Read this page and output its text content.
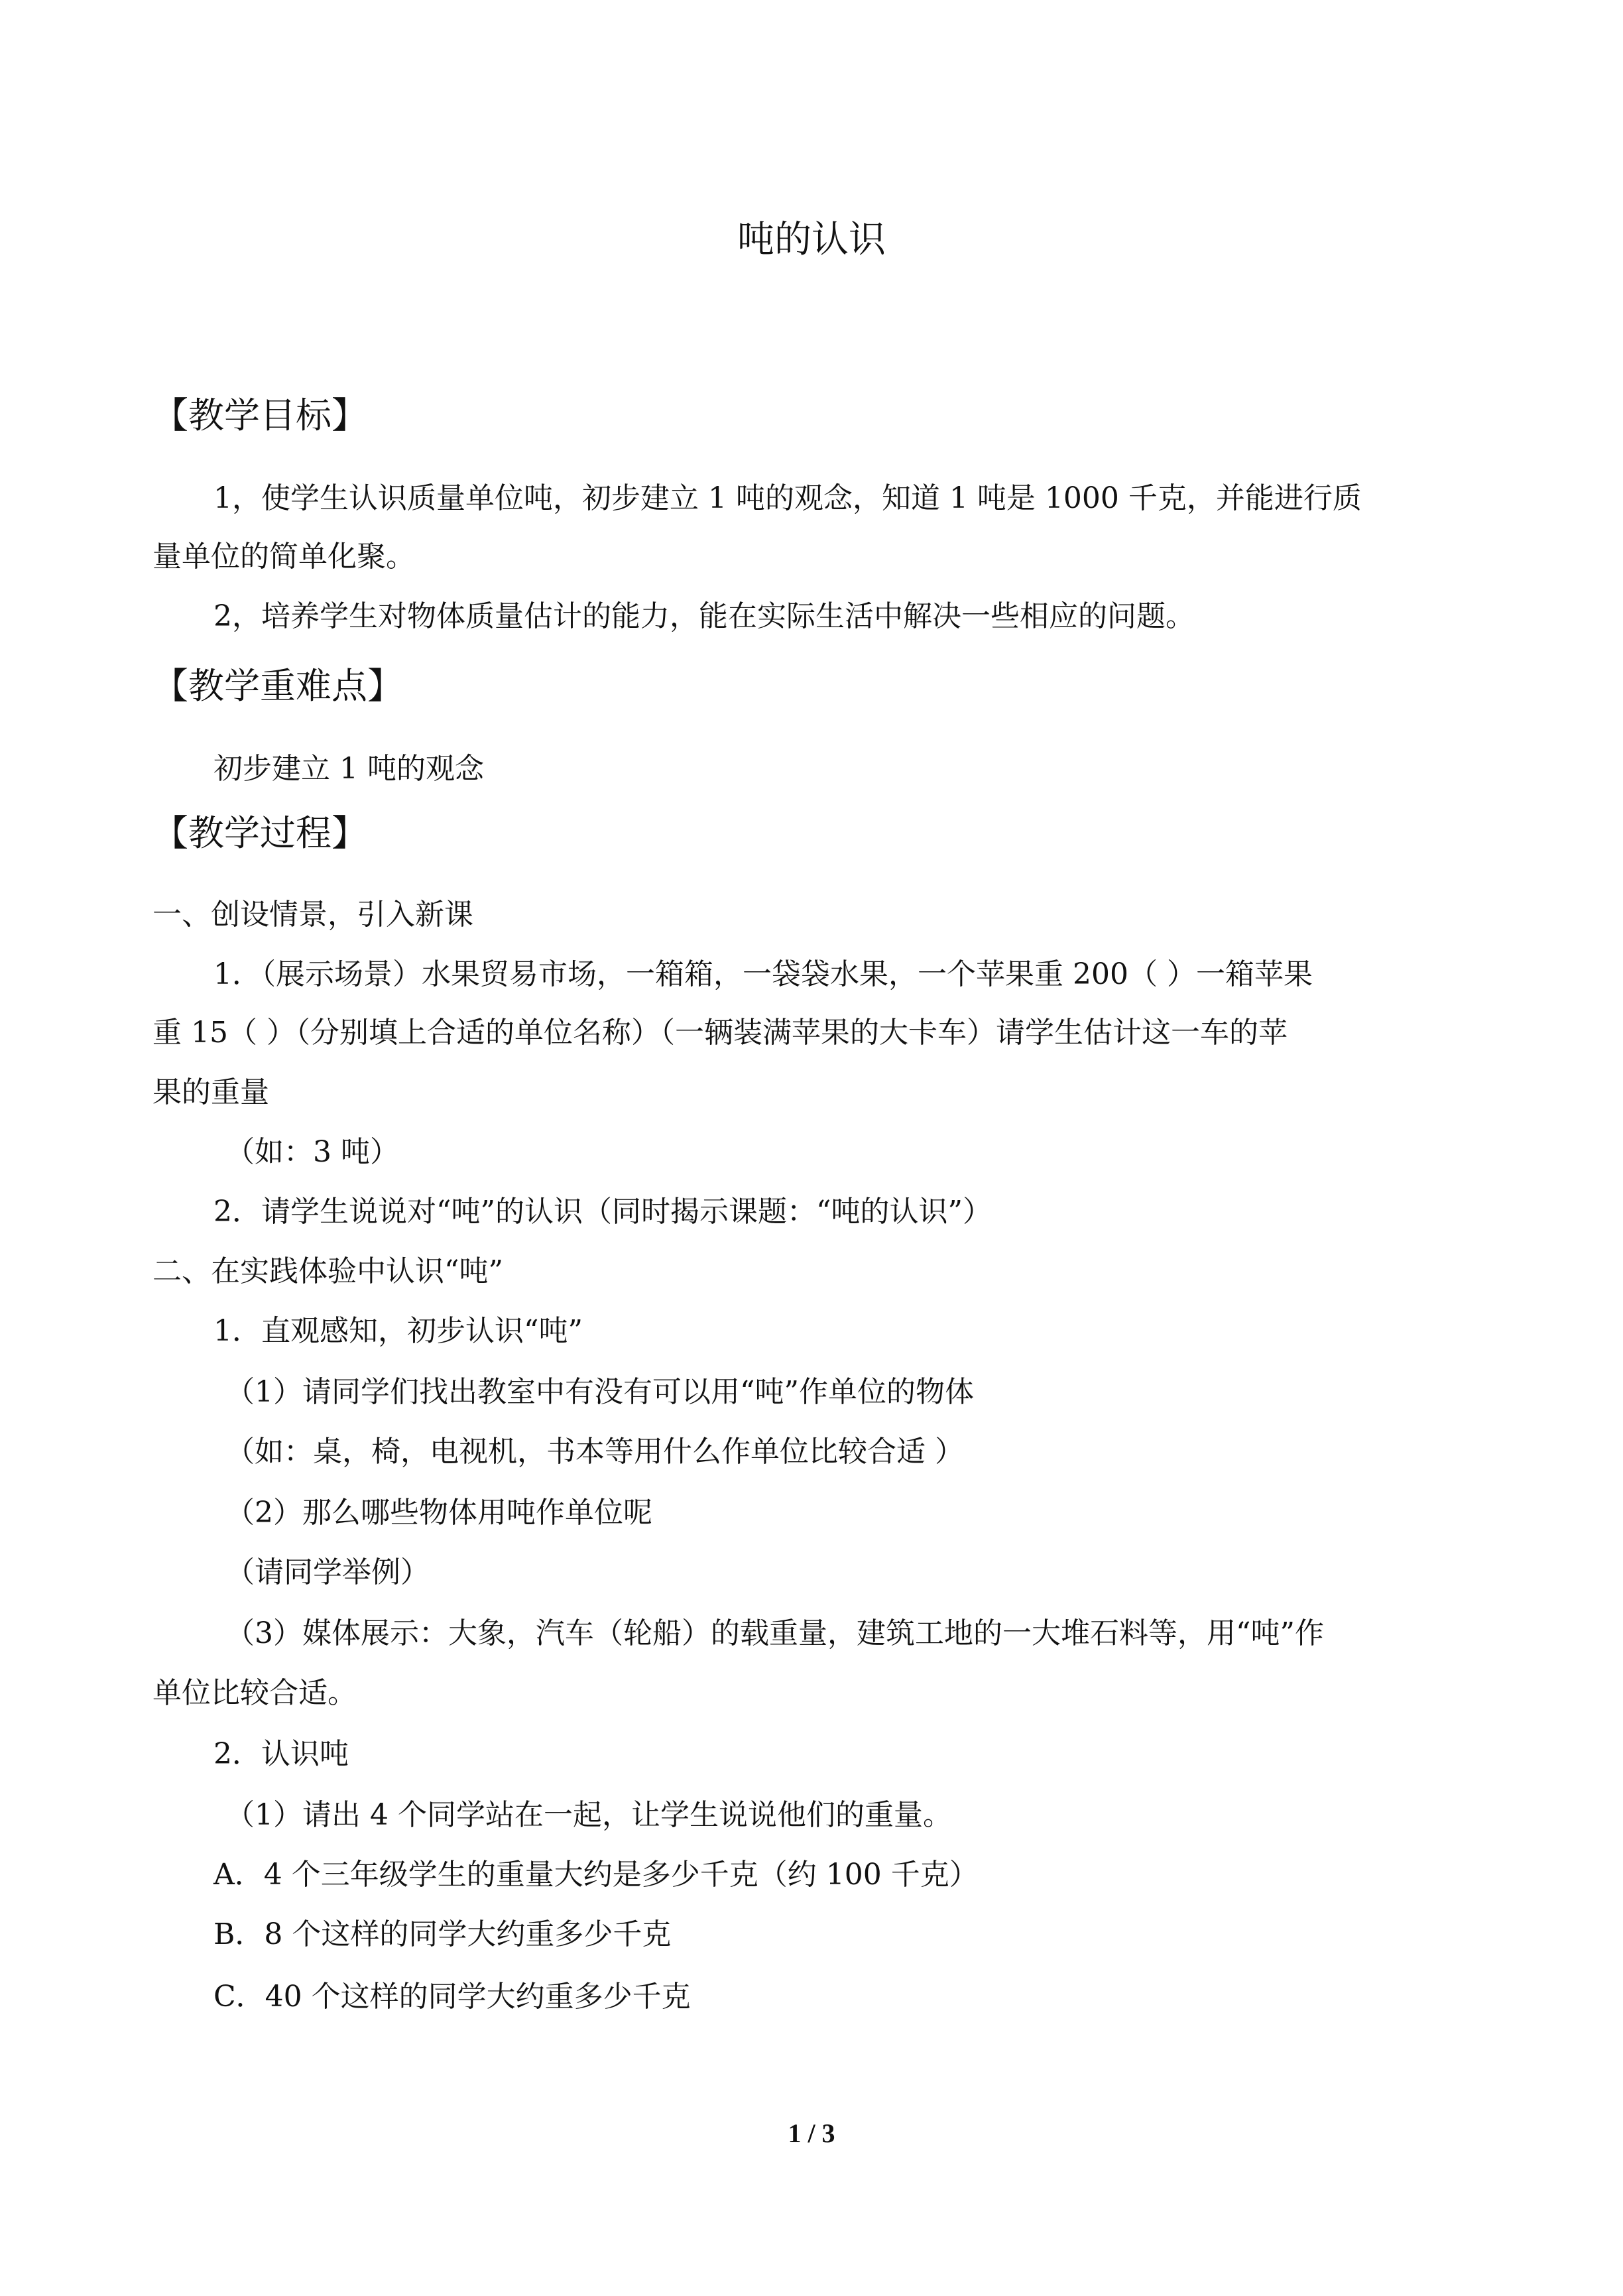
吨的认识
【教学目标】
1，使学生认识质量单位吨，初步建立 1 吨的观念，知道 1 吨是 1000 千克，并能进行质
量单位的简单化聚。
2，培养学生对物体质量估计的能力，能在实际生活中解决一些相应的问题。
【教学重难点】
初步建立 1 吨的观念
【教学过程】
一、创设情景，引入新课
1．（展示场景）水果贸易市场，一箱箱，一袋袋水果，一个苹果重 200（ ）一箱苹果
重 15（ ）（分别填上合适的单位名称）（一辆装满苹果的大卡车）请学生估计这一车的苹
果的重量
（如：3 吨）
2．请学生说说对“吨”的认识（同时揭示课题：“吨的认识”）
二、在实践体验中认识“吨”
1．直观感知，初步认识“吨”
（1）请同学们找出教室中有没有可以用“吨”作单位的物体
（如：桌，椅，电视机，书本等用什么作单位比较合适 ）
（2）那么哪些物体用吨作单位呢
（请同学举例）
（3）媒体展示：大象，汽车（轮船）的载重量，建筑工地的一大堆石料等，用“吨”作
单位比较合适。
2．认识吨
（1）请出 4 个同学站在一起，让学生说说他们的重量。
A．4 个三年级学生的重量大约是多少千克（约 100 千克）
B．8 个这样的同学大约重多少千克
C．40 个这样的同学大约重多少千克
1 / 3
